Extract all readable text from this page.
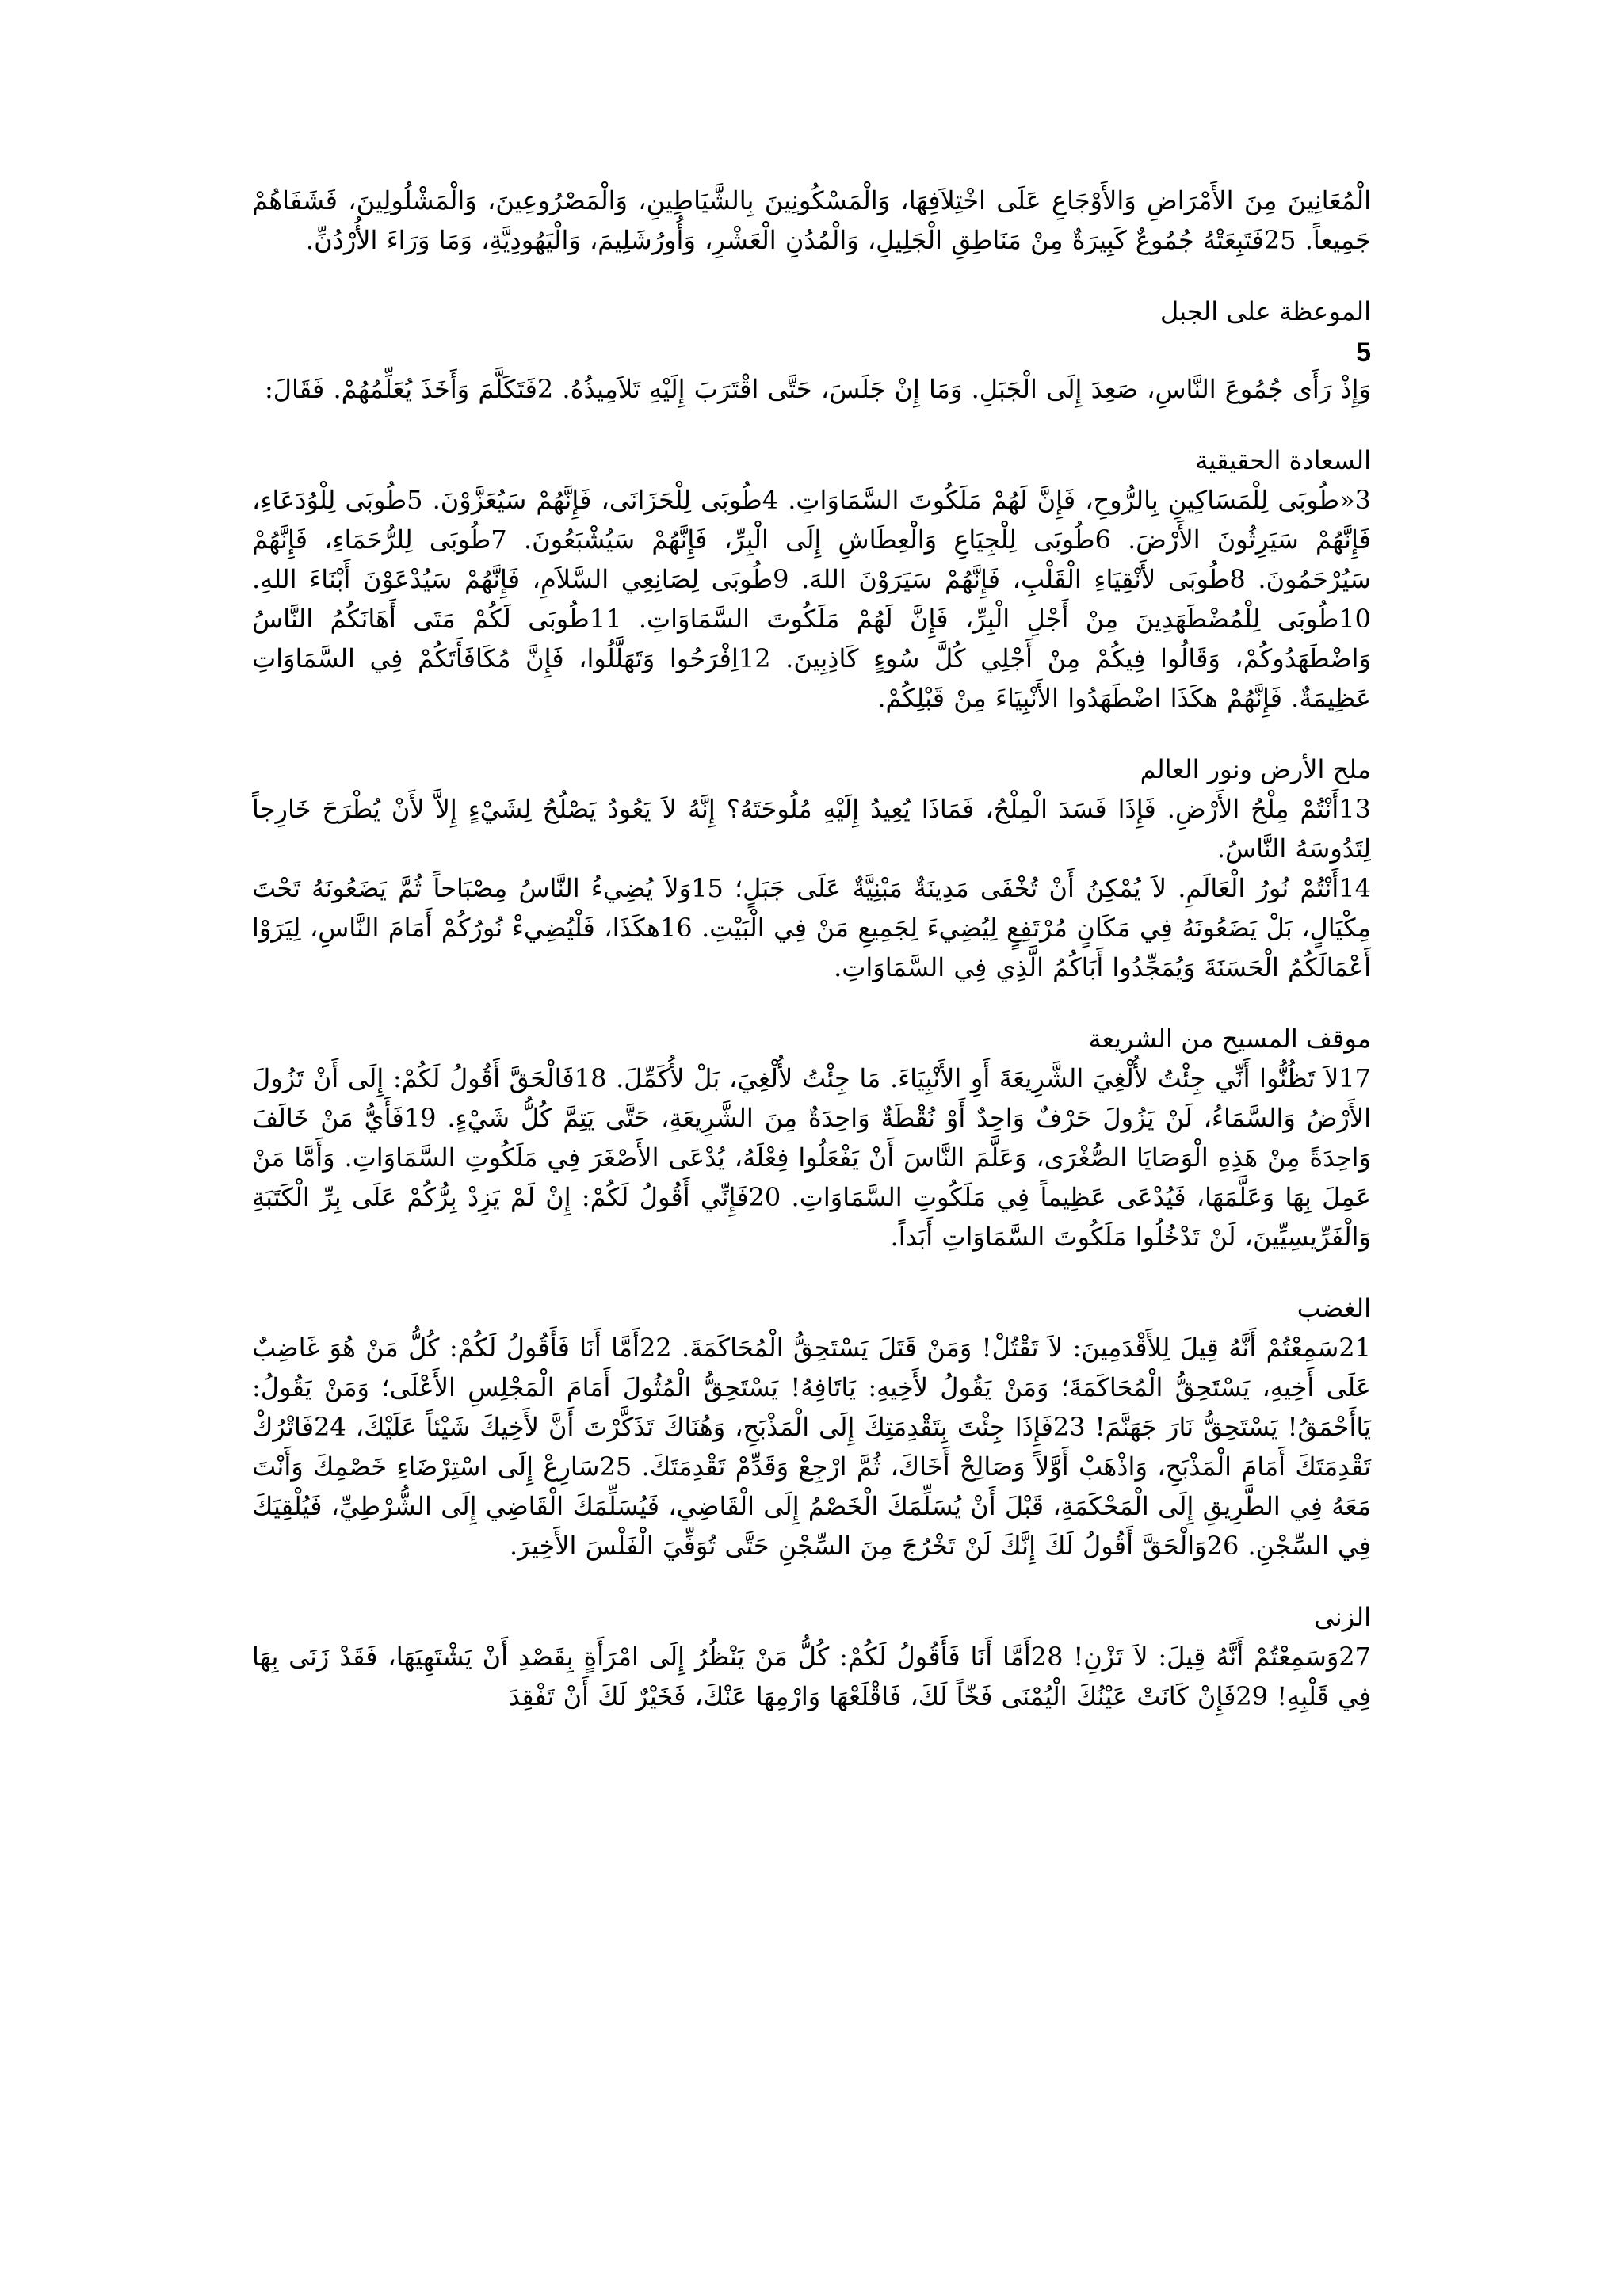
الْمُعَانِينَ مِنَ الأَمْرَاضِ وَالأَوْجَاعِ عَلَى اخْتِلاَفِهَا، وَالْمَسْكُونِينَ بِالشَّيَاطِينِ، وَالْمَصْرُوعِينَ، وَالْمَشْلُولِينَ، فَشَفَاهُمْ جَمِيعاً. 25فَتَبِعَتْهُ جُمُوعٌ كَبِيرَةٌ مِنْ مَنَاطِقِ الْجَلِيلِ، وَالْمُدُنِ الْعَشْرِ، وَأُورُشَلِيمَ، وَالْيَهُودِيَّةِ، وَمَا وَرَاءَ الأُرْدُنِّ.

الموعظة على الجبل

5

وَإِذْ رَأَى جُمُوعَ النَّاسِ، صَعِدَ إِلَى الْجَبَلِ. وَمَا إِنْ جَلَسَ، حَتَّى اقْتَرَبَ إِلَيْهِ تَلاَمِيذُهُ. 2فَتَكَلَّمَ وَأَخَذَ يُعَلِّمُهُمْ. فَقَالَ:

السعادة الحقيقية

3«طُوبَى لِلْمَسَاكِينِ بِالرُّوحِ، فَإِنَّ لَهُمْ مَلَكُوتَ السَّمَاوَاتِ. 4طُوبَى لِلْحَزَانَى، فَإِنَّهُمْ سَيُعَزَّوْنَ. 5طُوبَى لِلْوُدَعَاءِ، فَإِنَّهُمْ سَيَرِثُونَ الأَرْضَ. 6طُوبَى لِلْجِيَاعِ وَالْعِطَاشِ إِلَى الْبِرِّ، فَإِنَّهُمْ سَيُشْبَعُونَ. 7طُوبَى لِلرُّحَمَاءِ، فَإِنَّهُمْ سَيُرْحَمُونَ. 8طُوبَى لأَنْقِيَاءِ الْقَلْبِ، فَإِنَّهُمْ سَيَرَوْنَ اللهَ. 9طُوبَى لِصَانِعِي السَّلاَمِ، فَإِنَّهُمْ سَيُدْعَوْنَ أَبْنَاءَ اللهِ. 10طُوبَى لِلْمُضْطَهَدِينَ مِنْ أَجْلِ الْبِرِّ، فَإِنَّ لَهُمْ مَلَكُوتَ السَّمَاوَاتِ. 11طُوبَى لَكُمْ مَتَى أَهَانَكُمُ النَّاسُ وَاضْطَهَدُوكُمْ، وَقَالُوا فِيكُمْ مِنْ أَجْلِي كُلَّ سُوءٍ كَاذِبِينَ. 12اِفْرَحُوا وَتَهَلَّلُوا، فَإِنَّ مُكَافَأَتَكُمْ فِي السَّمَاوَاتِ عَظِيمَةٌ. فَإِنَّهُمْ هكَذَا اضْطَهَدُوا الأَنْبِيَاءَ مِنْ قَبْلِكُمْ.

ملح الأرض ونور العالم

13أَنْتُمْ مِلْحُ الأَرْضِ. فَإِذَا فَسَدَ الْمِلْحُ، فَمَاذَا يُعِيدُ إِلَيْهِ مُلُوحَتَهُ؟ إِنَّهُ لاَ يَعُودُ يَصْلُحُ لِشَيْءٍ إِلاَّ لأَنْ يُطْرَحَ خَارِجاً لِتَدُوسَهُ النَّاسُ.

14أَنْتُمْ نُورُ الْعَالَمِ. لاَ يُمْكِنُ أَنْ تُخْفَى مَدِينَةٌ مَبْنِيَّةٌ عَلَى جَبَلٍ؛ 15وَلاَ يُضِيءُ النَّاسُ مِصْبَاحاً ثُمَّ يَضَعُونَهُ تَحْتَ مِكْيَالٍ، بَلْ يَضَعُونَهُ فِي مَكَانٍ مُرْتَفِعٍ لِيُضِيءَ لِجَمِيعِ مَنْ فِي الْبَيْتِ. 16هكَذَا، فَلْيُضِيءْ نُورُكُمْ أَمَامَ النَّاسِ، لِيَرَوْا أَعْمَالَكُمُ الْحَسَنَةَ وَيُمَجِّدُوا أَبَاكُمُ الَّذِي فِي السَّمَاوَاتِ.

موقف المسيح من الشريعة

17لاَ تَظُنُّوا أَنِّي جِئْتُ لأُلْغِيَ الشَّرِيعَةَ أَوِ الأَنْبِيَاءَ. مَا جِئْتُ لأُلْغِيَ، بَلْ لأُكَمِّلَ. 18فَالْحَقَّ أَقُولُ لَكُمْ: إِلَى أَنْ تَزُولَ الأَرْضُ وَالسَّمَاءُ، لَنْ يَزُولَ حَرْفٌ وَاحِدٌ أَوْ نُقْطَةٌ وَاحِدَةٌ مِنَ الشَّرِيعَةِ، حَتَّى يَتِمَّ كُلُّ شَيْءٍ. 19فَأَيُّ مَنْ خَالَفَ وَاحِدَةً مِنْ هَذِهِ الْوَصَايَا الصُّغْرَى، وَعَلَّمَ النَّاسَ أَنْ يَفْعَلُوا فِعْلَهُ، يُدْعَى الأَصْغَرَ فِي مَلَكُوتِ السَّمَاوَاتِ. وَأَمَّا مَنْ عَمِلَ بِهَا وَعَلَّمَهَا، فَيُدْعَى عَظِيماً فِي مَلَكُوتِ السَّمَاوَاتِ. 20فَإِنِّي أَقُولُ لَكُمْ: إِنْ لَمْ يَزِدْ بِرُّكُمْ عَلَى بِرِّ الْكَتَبَةِ وَالْفَرِّيسِيِّينَ، لَنْ تَدْخُلُوا مَلَكُوتَ السَّمَاوَاتِ أَبَداً.

الغضب

21سَمِعْتُمْ أَنَّهُ قِيلَ لِلأَقْدَمِينَ: لاَ تَقْتُلْ! وَمَنْ قَتَلَ يَسْتَحِقُّ الْمُحَاكَمَةَ. 22أَمَّا أَنَا فَأَقُولُ لَكُمْ: كُلُّ مَنْ هُوَ غَاضِبٌ عَلَى أَخِيهِ، يَسْتَحِقُّ الْمُحَاكَمَةَ؛ وَمَنْ يَقُولُ لأَخِيهِ: يَاتَافِهُ! يَسْتَحِقُّ الْمُثُولَ أَمَامَ الْمَجْلِسِ الأَعْلَى؛ وَمَنْ يَقُولُ: يَاأَحْمَقُ! يَسْتَحِقُّ نَارَ جَهَنَّمَ! 23فَإِذَا جِئْتَ بِتَقْدِمَتِكَ إِلَى الْمَذْبَحِ، وَهُنَاكَ تَذَكَّرْتَ أَنَّ لأَخِيكَ شَيْئاً عَلَيْكَ، 24فَاتْرُكْ تَقْدِمَتَكَ أَمَامَ الْمَذْبَحِ، وَاذْهَبْ أَوَّلاً وَصَالِحْ أَخَاكَ، ثُمَّ ارْجِعْ وَقَدِّمْ تَقْدِمَتَكَ. 25سَارِعْ إِلَى اسْتِرْضَاءِ خَصْمِكَ وَأَنْتَ مَعَهُ فِي الطَّرِيقِ إِلَى الْمَحْكَمَةِ، قَبْلَ أَنْ يُسَلِّمَكَ الْخَصْمُ إِلَى الْقَاضِي، فَيُسَلِّمَكَ الْقَاضِي إِلَى الشُّرْطِيِّ، فَيُلْقِيَكَ فِي السِّجْنِ. 26وَالْحَقَّ أَقُولُ لَكَ إِنَّكَ لَنْ تَخْرُجَ مِنَ السِّجْنِ حَتَّى تُوَفِّيَ الْفَلْسَ الأَخِيرَ.

الزنى

27وَسَمِعْتُمْ أَنَّهُ قِيلَ: لاَ تَزْنِ! 28أَمَّا أَنَا فَأَقُولُ لَكُمْ: كُلُّ مَنْ يَنْظُرُ إِلَى امْرَأَةٍ بِقَصْدِ أَنْ يَشْتَهِيَهَا، فَقَدْ زَنَى بِهَا فِي قَلْبِهِ! 29فَإِنْ كَانَتْ عَيْنُكَ الْيُمْنَى فَخّاً لَكَ، فَاقْلَعْهَا وَارْمِهَا عَنْكَ، فَخَيْرٌ لَكَ أَنْ تَفْقِدَ
